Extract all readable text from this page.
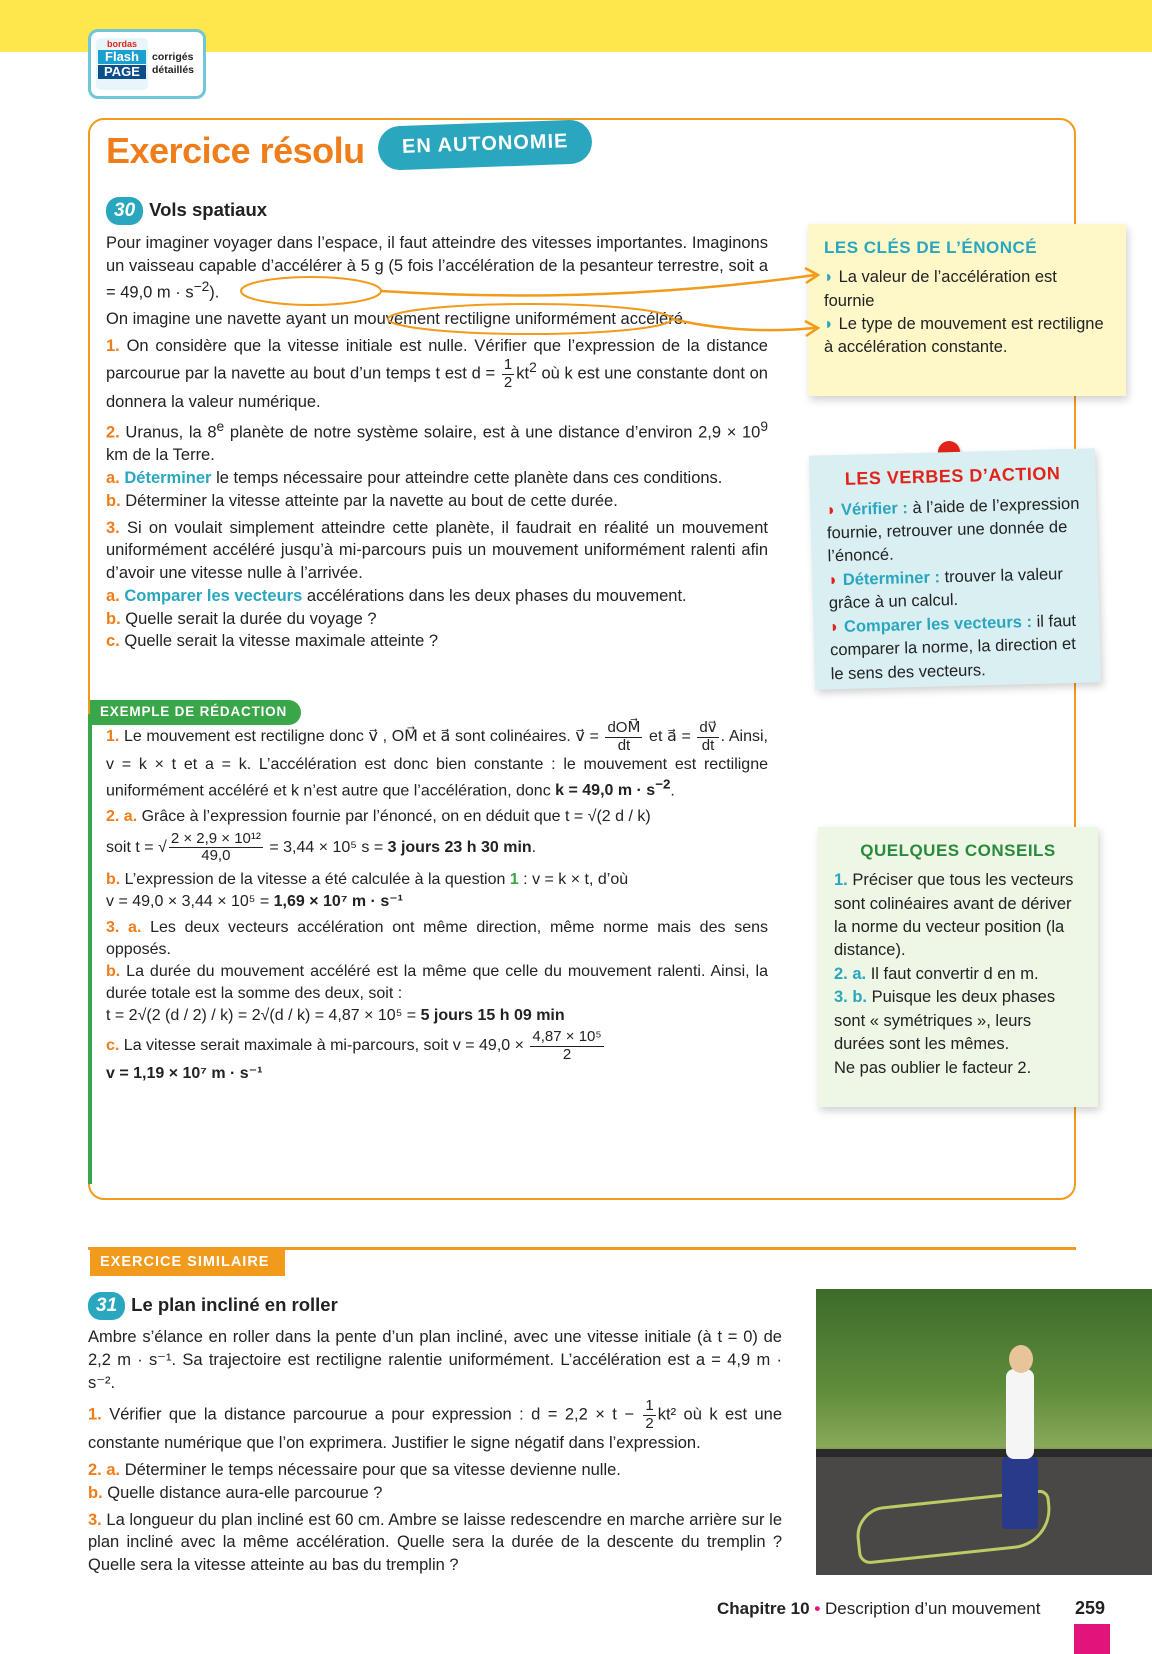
bordas
Flash
PAGE
corrigés
détaillés
Exercice résolu	EN AUTONOMIE
30 Vols spatiaux

Pour imaginer voyager dans l’espace, il faut atteindre des vitesses importantes. Imaginons un vaisseau capable d’accélérer à 5 g (5 fois l’accélération de la pesanteur terrestre, soit a = 49,0 $m \cdot s^{-2}$).

On imagine une navette ayant un mouvement rectiligne uniformément accéléré.

1. On considère que la vitesse initiale est nulle. Vérifier que l’expression de la distance parcourue par la navette au bout d’un temps t est $d = \frac{1}{2} kt^2$ où k est une constante dont on donnera la valeur numérique.

2. Uranus, la 8e planète de notre système solaire, est à une distance d’environ $2,9 \times 10^9$ km de la Terre.

a. Déterminer le temps nécessaire pour atteindre cette planète dans ces conditions.

b. Déterminer la vitesse atteinte par la navette au bout de cette durée.

3. Si on voulait simplement atteindre cette planète, il faudrait en réalité un mouvement uniformément accéléré jusqu’à mi-parcours puis un mouvement uniformément ralenti afin d’avoir une vitesse nulle à l’arrivée.

a. Comparer les vecteurs accélérations dans les deux phases du mouvement.

b. Quelle serait la durée du voyage ?

c. Quelle serait la vitesse maximale atteinte ?

LES CLÉS DE L’ÉNONCÉ

◗ La valeur de l’accélération est fournie

◗ Le type de mouvement est rectiligne à accélération constante.

LES VERBES D’ACTION

◗ Vérifier : à l’aide de l’expression fournie, retrouver une donnée de l’énoncé.

◗ Déterminer : trouver la valeur grâce à un calcul.

◗ Comparer les vecteurs : il faut comparer la norme, la direction et le sens des vecteurs.

EXEMPLE DE RÉDACTION

1. Le mouvement est rectiligne donc v⃗ , OM⃗ et a⃗ sont colinéaires. v⃗ = $\frac{\text{dOM⃗}}{dt}$ et a⃗ = $\frac{dv⃗}{dt}$ . Ainsi, v = k × t et a = k. L’accélération est donc bien constante : le mouvement est rectiligne uniformément accéléré et k n’est autre que l’accélération, donc k = 49,0 $m \cdot s^{-2}$.

2. a. Grâce à l’expression fournie par l’énoncé, on en déduit que t = √(2 d / k)

soit t = √ $\frac{\text{2 × 2,9 × 10¹²}}{49,0} = 3,44 \times 10^5$ s = 3 jours 23 h 30 min.

b. L’expression de la vitesse a été calculée à la question 1 : v = k × t, d’où
v = 49,0 × 3,44 × 10⁵ = 1,69 × 10⁷ m · s⁻¹

3. a. Les deux vecteurs accélération ont même direction, même norme mais des sens opposés.

b. La durée du mouvement accéléré est la même que celle du mouvement ralenti. Ainsi, la durée totale est la somme des deux, soit :
t = 2√(2 (d / 2) / k) = 2√(d / k) = 4,87 × 10⁵ = 5 jours 15 h 09 min

c. La vitesse serait maximale à mi-parcours, soit $v = 49,0 \times \frac{\text{4,87 × 10⁵}}{2}$

v = 1,19 × 10⁷ m · s⁻¹

QUELQUES CONSEILS

1. Préciser que tous les vecteurs sont colinéaires avant de dériver la norme du vecteur position (la distance).

2. a. Il faut convertir d en m.

3. b. Puisque les deux phases sont « symétriques », leurs durées sont les mêmes.
Ne pas oublier le facteur 2.

EXERCICE SIMILAIRE
31 Le plan incliné en roller

Ambre s’élance en roller dans la pente d’un plan incliné, avec une vitesse initiale (à t = 0) de 2,2 m · s⁻¹. Sa trajectoire est rectiligne ralentie uniformément. L’accélération est a = 4,9 m · s⁻².

1. Vérifier que la distance parcourue a pour expression : $d = 2,2 \times t - \frac{1}{2} kt^2$ où k est une constante numérique que l’on exprimera. Justifier le signe négatif dans l’expression.

2. a. Déterminer le temps nécessaire pour que sa vitesse devienne nulle.

b. Quelle distance aura-elle parcourue ?

3. La longueur du plan incliné est 60 cm. Ambre se laisse redescendre en marche arrière sur le plan incliné avec la même accélération. Quelle sera la durée de la descente du tremplin ? Quelle sera la vitesse atteinte au bas du tremplin ?

Chapitre 10 • Description d’un mouvement 259
